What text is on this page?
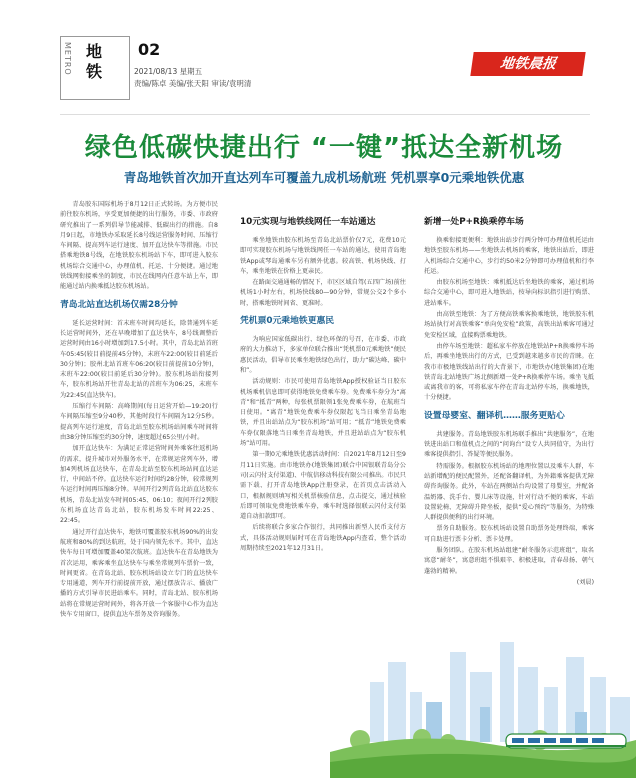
METRO 地铁
02
2021/08/13 星期五
责编/陈卓 美编/张天阳 审读/袁明清
地铁晨报
绿色低碳快捷出行 “一键”抵达全新机场
青岛地铁首次加开直达列车可覆盖九成机场航班 凭机票享0元乘地铁优惠

青岛胶东国际机场于8月12日正式转场。为方便市民前往胶东机场，享受更加便捷的出行服务，市委、市政府研究推出了一系列倡导节能减排、低碳出行的措施。自8月9日起，市地铁办采取延长8号线运营服务时间、压缩行车间隔、提高列车运行速度、加开直达快车等措施。市民搭乘地铁8号线，在地铁胶东机场站下车，即可进入胶东机场综合交通中心，办理值机、托运、十分便捷。通过地铁线网衔接乘坐的制度，市民在线网内任意车站上车，即能通过站内换乘抵达胶东机场站。

青岛北站直达机场仅需28分钟

延长运营时间：首末班车时间均延长，除普通列车延长运营时间外，还在早晚增加了直达快车，8号线调整后运营时间由16小时增加到17.5小时。其中，青岛北站首班车05:45(较目前提前45分钟)，末班车22:00(较目前延后30分钟)；胶州北站首班车06:20(较目前提前10分钟)，末班车22:00(较目前延后30分钟)。胶东机场站衔接列车，胶东机场站开往青岛北站的首班车为06:25，末班车为22:45(直达快车)。

压缩行车间隔：高峰期间(每日运营开始—19:20)行车间隔压缩至9分40秒，其他时段行车间隔为12分5秒。提高列车运行速度，青岛北站至胶东机场站间乘车时间将由38分钟压缩至约30分钟，速度超过65公里/小时。

加开直达快车：为满足正常运营时间外乘客往返机场的需求，提升城市对外服务水平，在常规运营列车外，增加4列机场直达快车，在青岛北站至胶东机场站间直达运行，中间站不停。直达快车运行时间约28分钟，较常规列车运行时间再压缩8分钟。早间开行2列青岛北站直达胶东机场，青岛北站发车时间05:45、06:10；夜间开行2列胶东机场直达青岛北站，胶东机场发车时间22:25、22:45。

通过开行直达快车，地铁可覆盖胶东机场90%的出发航班和80%的到达航班，处于国内领先水平。其中，直达快车每日可增加覆盖40架次航班。直达快车在青岛地铁为首次运用，乘客乘坐直达快车与乘坐常规列车票价一致，时间更省。在青岛北站、胶东机场站设立专门的直达快车专用通道，列车开行前提前开放，通过摆放告示、播放广播的方式引导市民进站乘车。同时，青岛北站、胶东机场站将在常规运营时间外，将各开放一个客服中心作为直达快车专用窗口，提供直达车票务及咨询服务。

10元实现与地铁线网任一车站通达

乘坐地铁由胶东机场至青岛北站票价仅7元，花费10元即可实现胶东机场与地铁线网任一车站的通达，使用青岛地铁App或琴岛通乘车另有额外优惠。较高铁、机场快线、打车，乘坐地铁在价格上更亲民。

在路面交通通畅的情况下，市区区域自驾(五四广场)前往机场1小时左右，机场快线80—90分钟，常规公交2个多小时，搭乘地铁时间省、更准时。

凭机票0元乘地铁更惠民

为响应国家低碳出行、绿色环保的号召，在市委、市政府的大力推动下，多家单位联合推出“凭机票0元乘地铁”便民惠民活动，倡导市民乘坐地铁绿色出行，助力“碳达峰、碳中和”。

活动规则：市民可使用青岛地铁App授权验证当日胶东机场乘机信息即可获得地铁免费乘车券。免费乘车券分为“离青”和“抵青”两种，每张机票限领1张免费乘车券，在航班当日使用。“离青”地铁免费乘车券仅限起飞当日乘坐青岛地铁，并且出站站点为“胶东机场”站可用；“抵青”地铁免费乘车券仅限落地当日乘坐青岛地铁，并且进站站点为“胶东机场”站可用。

第一期0元乘地铁优惠活动时间：自2021年8月12日至9月11日实施。由市地铁办(地铁集团)联合中国银联青岛分公司(云闪付支付渠道)、中航信移动科技有限公司推出。市民只需下载、打开青岛地铁App注册登录，在首页点击活动入口，根据规则填写相关机票核验信息，点击提交，通过核验后即可领取免费地铁乘车券，乘车时选择银联云闪付支付渠道自动扣款即可。

后续将联合多家合作银行，共同推出新型人民币支付方式，具体活动规则届时可在青岛地铁App内查看，整个活动周期持续至2021年12月31日。

新增一处P+R换乘停车场

换乘衔接更便利：地铁出站步行两分钟可办理值机托运由地铁至胶东机场——坐地铁去机场的乘客，地铁出站后，即进入机场综合交通中心，步行约50米2分钟即可办理值机和行李托运。

由胶东机场至地铁：乘机抵达后坐地铁的乘客，通过机场综合交通中心，即可进入地铁站，按导向标识指引进行购票、进站乘车。

由高铁至地铁：为了方便高铁乘客换乘地铁，地铁胶东机场站执行对高铁乘客“单向免安检”政策，高铁出站乘客可通过免安检区域，直接购票乘地铁。

由停车场至地铁：超私家车停放在地铁站P+R换乘停车场后，再乘坐地铁出行的方式，已受到越来越多市民的青睐。在我市市极地铁线站出行的大背景下，市地铁办(地铁集团)在地铁青岛北站地铁广场北侧新增一处P+R换乘停车场。乘坐飞抵或离我市的客，可将私家车停在青岛北站停车场，换乘地铁，十分便捷。

设置母婴室、翻译机……服务更贴心

共建服务。青岛地铁胶东机场联手推出“共建服务”，在地铁进出站口和值机点之间的“问询台”设专人共同值守，为出行乘客提供指引、答疑等便民服务。

特需服务。根据胶东机场站的地理位置以及乘车人群，车站新增配的便民配置外，还配备翻译机，为外籍乘客提供无障碍咨询服务。此外，车站在两侧站台均设置了母婴室，并配备温奶器、洗手台、婴儿床等设施，针对行动不便的乘客，车站设置轮椅、无障碍升降坐板，提供“爱心预约”等服务，为特殊人群提供便利的出行环境。

票务自助服务。胶东机场站设置自助票务处理终端，乘客可自助进行票卡分析、票卡处理。

服务团队。在胶东机场站组建“耐冬服务示范班组”，取名寓意“耐冬”，寓意班组不惧艰辛、积极进取，青春昂扬、朝气蓬勃的精神。

(刘晨)
